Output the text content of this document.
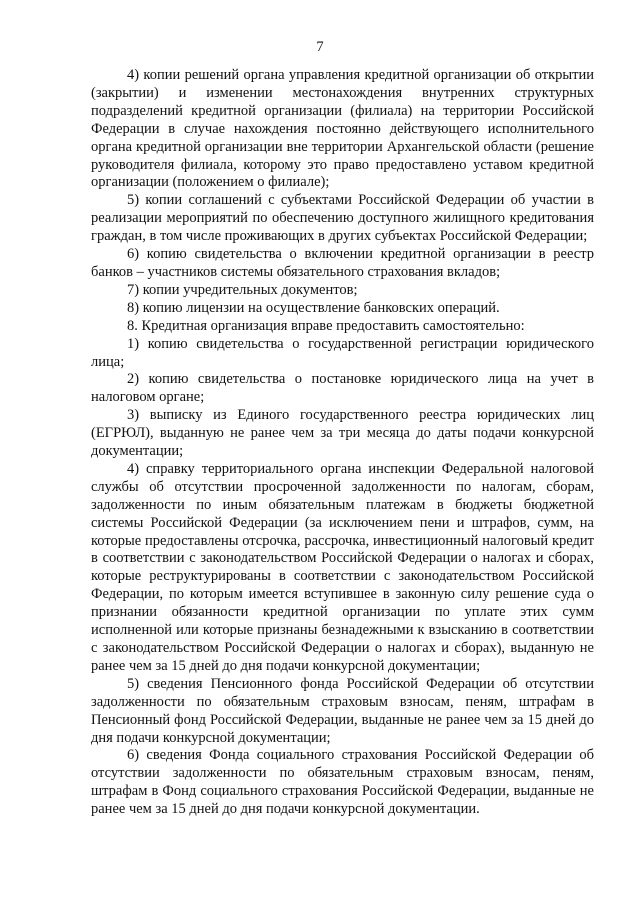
7

4) копии решений органа управления кредитной организации об открытии (закрытии) и изменении местонахождения внутренних структурных подразделений кредитной организации (филиала) на территории Российской Федерации в случае нахождения постоянно действующего исполнительного органа кредитной организации вне территории Архангельской области (решение руководителя филиала, которому это право предоставлено уставом кредитной организации (положением о филиале);

5) копии соглашений с субъектами Российской Федерации об участии в реализации мероприятий по обеспечению доступного жилищного кредитования граждан, в том числе проживающих в других субъектах Российской Федерации;

6) копию свидетельства о включении кредитной организации в реестр банков – участников системы обязательного страхования вкладов;

7) копии учредительных документов;

8) копию лицензии на осуществление банковских операций.

8. Кредитная организация вправе предоставить самостоятельно:

1) копию свидетельства о государственной регистрации юридического лица;

2) копию свидетельства о постановке юридического лица на учет в налоговом органе;

3) выписку из Единого государственного реестра юридических лиц (ЕГРЮЛ), выданную не ранее чем за три месяца до даты подачи конкурсной документации;

4) справку территориального органа инспекции Федеральной налоговой службы об отсутствии просроченной задолженности по налогам, сборам, задолженности по иным обязательным платежам в бюджеты бюджетной системы Российской Федерации (за исключением пени и штрафов, сумм, на которые предоставлены отсрочка, рассрочка, инвестиционный налоговый кредит в соответствии с законодательством Российской Федерации о налогах и сборах, которые реструктурированы в соответствии с законодательством Российской Федерации, по которым имеется вступившее в законную силу решение суда о признании обязанности кредитной организации по уплате этих сумм исполненной или которые признаны безнадежными к взысканию в соответствии с законодательством Российской Федерации о налогах и сборах), выданную не ранее чем за 15 дней до дня подачи конкурсной документации;

5) сведения Пенсионного фонда Российской Федерации об отсутствии задолженности по обязательным страховым взносам, пеням, штрафам в Пенсионный фонд Российской Федерации, выданные не ранее чем за 15 дней до дня подачи конкурсной документации;

6) сведения Фонда социального страхования Российской Федерации об отсутствии задолженности по обязательным страховым взносам, пеням, штрафам в Фонд социального страхования Российской Федерации, выданные не ранее чем за 15 дней до дня подачи конкурсной документации.
